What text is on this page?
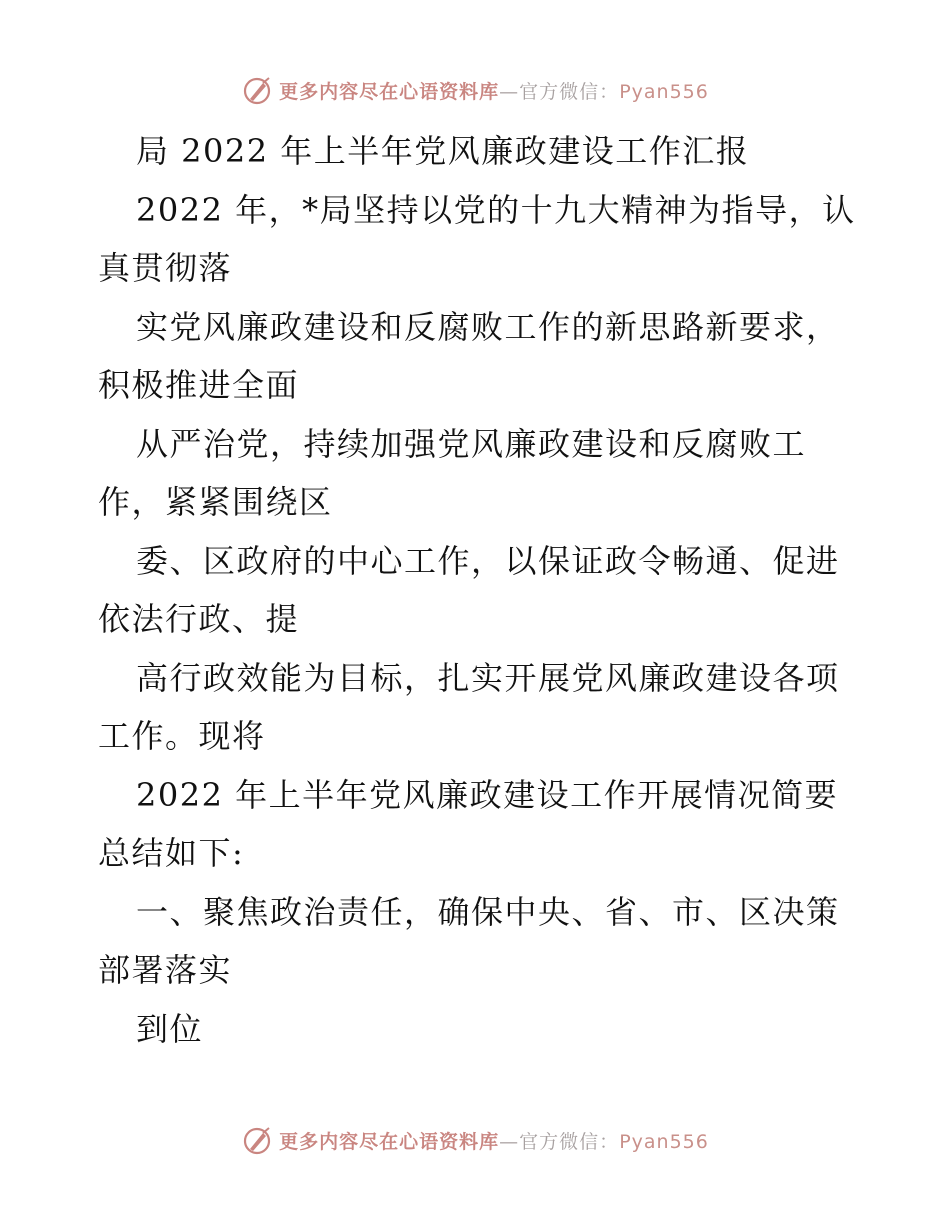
更多内容尽在心语资料库—官方微信：Pyan556
局 2022 年上半年党风廉政建设工作汇报
2022 年，*局坚持以党的十九大精神为指导，认
真贯彻落
实党风廉政建设和反腐败工作的新思路新要求，
积极推进全面
从严治党，持续加强党风廉政建设和反腐败工
作，紧紧围绕区
委、区政府的中心工作，以保证政令畅通、促进
依法行政、提
高行政效能为目标，扎实开展党风廉政建设各项
工作。现将
2022 年上半年党风廉政建设工作开展情况简要
总结如下:
一、聚焦政治责任，确保中央、省、市、区决策
部署落实
到位
更多内容尽在心语资料库—官方微信：Pyan556
